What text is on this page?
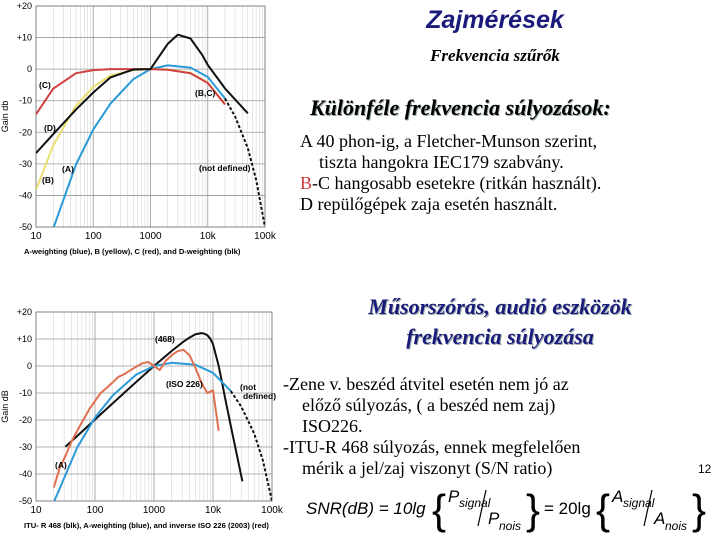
10	100	1000	10k	100k
+20
+10
0
-10
-20
-30
-40
-50
Gain db
A-weighting (blue), B (yellow), C (red), and D-weighting (blk)
(C)
(D)
(A)
(B)
(B,C)
(not defined)
10	100	1000	10k	100k
+20
+10
0
-10
-20
-30
-40
-50
Gain dB
ITU- R 468 (blk), A-weighting (blue), and inverse ISO 226 (2003) (red)
(468)
(ISO 226)	(not
(A)
defined)
Zajmérések
Frekvencia szűrők
Különféle frekvencia súlyozások:
A 40 phon-ig, a Fletcher-Munson szerint,
tiszta hangokra IEC179 szabvány.
B-C hangosabb esetekre (ritkán használt).
D repülőgépek zaja esetén használt.
Műsorszórás, audió eszközök
frekvencia súlyozása
-Zene v. beszéd átvitel esetén nem jó az
előző súlyozás, ( a beszéd nem zaj)
ISO226.
-ITU-R 468 súlyozás, ennek megfelelően
mérik a jel/zaj viszonyt (S/N ratio)	12
SNR(dB) = 10lg { P signal
P nois } = 20lg { A signal
A nois }
